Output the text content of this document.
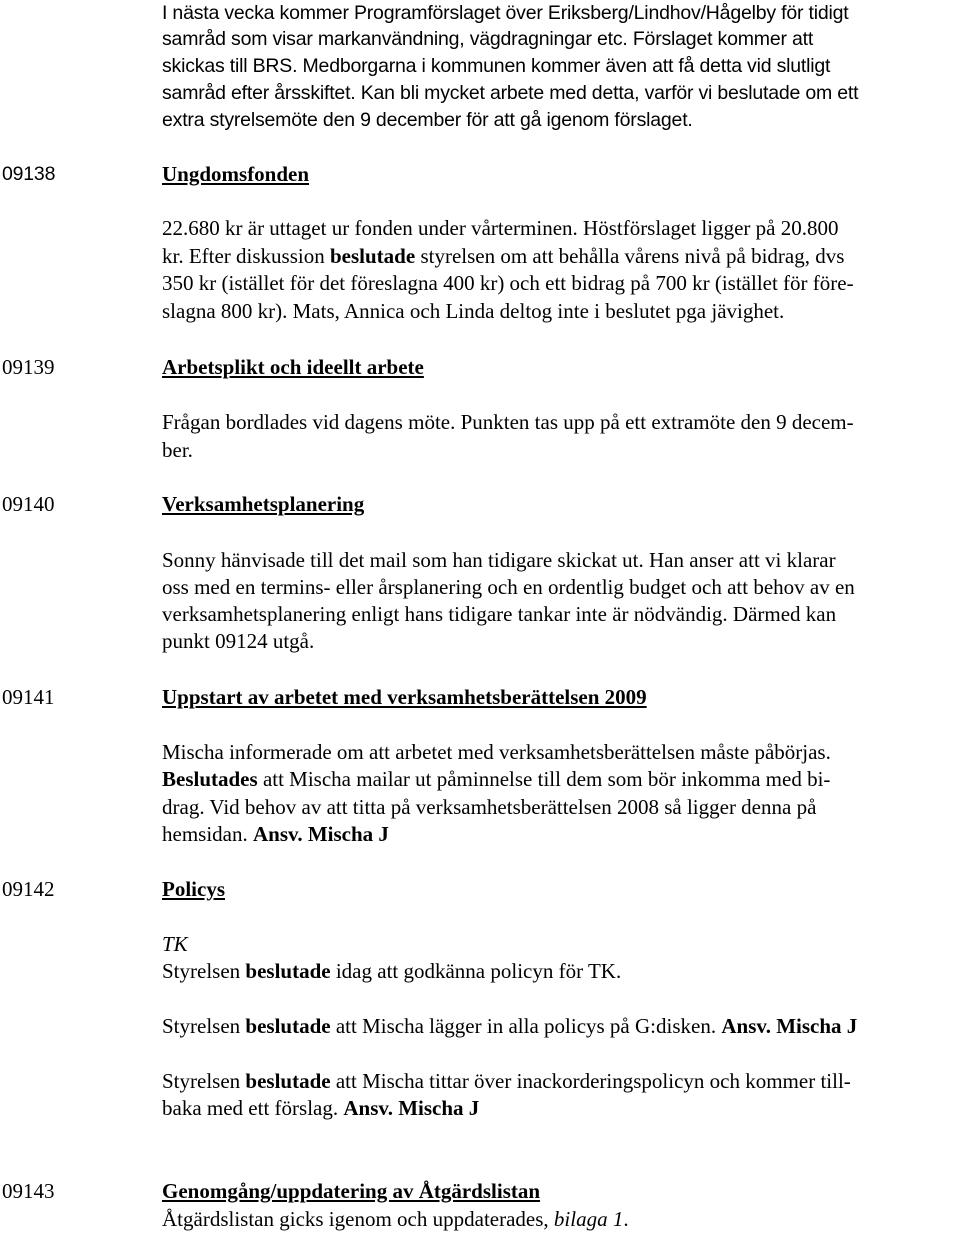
I nästa vecka kommer Programförslaget över Eriksberg/Lindhov/Hågelby för tidigt
samråd som visar markanvändning, vägdragningar etc. Förslaget kommer att
skickas till BRS. Medborgarna i kommunen kommer även att få detta vid slutligt
samråd efter årsskiftet. Kan bli mycket arbete med detta, varför vi beslutade om ett
extra styrelsemöte den 9 december för att gå igenom förslaget.
09138	Ungdomsfonden
22.680 kr är uttaget ur fonden under vårterminen. Höstförslaget ligger på 20.800
kr. Efter diskussion beslutade styrelsen om att behålla vårens nivå på bidrag, dvs
350 kr (istället för det föreslagna 400 kr) och ett bidrag på 700 kr (istället för före-
slagna 800 kr). Mats, Annica och Linda deltog inte i beslutet pga jävighet.
09139	Arbetsplikt och ideellt arbete
Frågan bordlades vid dagens möte. Punkten tas upp på ett extramöte den 9 decem-
ber.
09140	Verksamhetsplanering
Sonny hänvisade till det mail som han tidigare skickat ut. Han anser att vi klarar
oss med en termins- eller årsplanering och en ordentlig budget och att behov av en
verksamhetsplanering enligt hans tidigare tankar inte är nödvändig. Därmed kan
punkt 09124 utgå.
09141	Uppstart av arbetet med verksamhetsberättelsen 2009
Mischa informerade om att arbetet med verksamhetsberättelsen måste påbörjas.
Beslutades att Mischa mailar ut påminnelse till dem som bör inkomma med bi-
drag. Vid behov av att titta på verksamhetsberättelsen 2008 så ligger denna på
hemsidan. Ansv. Mischa J
09142	Policys
TK
Styrelsen beslutade idag att godkänna policyn för TK.
Styrelsen beslutade att Mischa lägger in alla policys på G:disken. Ansv. Mischa J
Styrelsen beslutade att Mischa tittar över inackorderingspolicyn och kommer till-
baka med ett förslag. Ansv. Mischa J
09143	Genomgång/uppdatering av Åtgärdslistan
Åtgärdslistan gicks igenom och uppdaterades, bilaga 1.
